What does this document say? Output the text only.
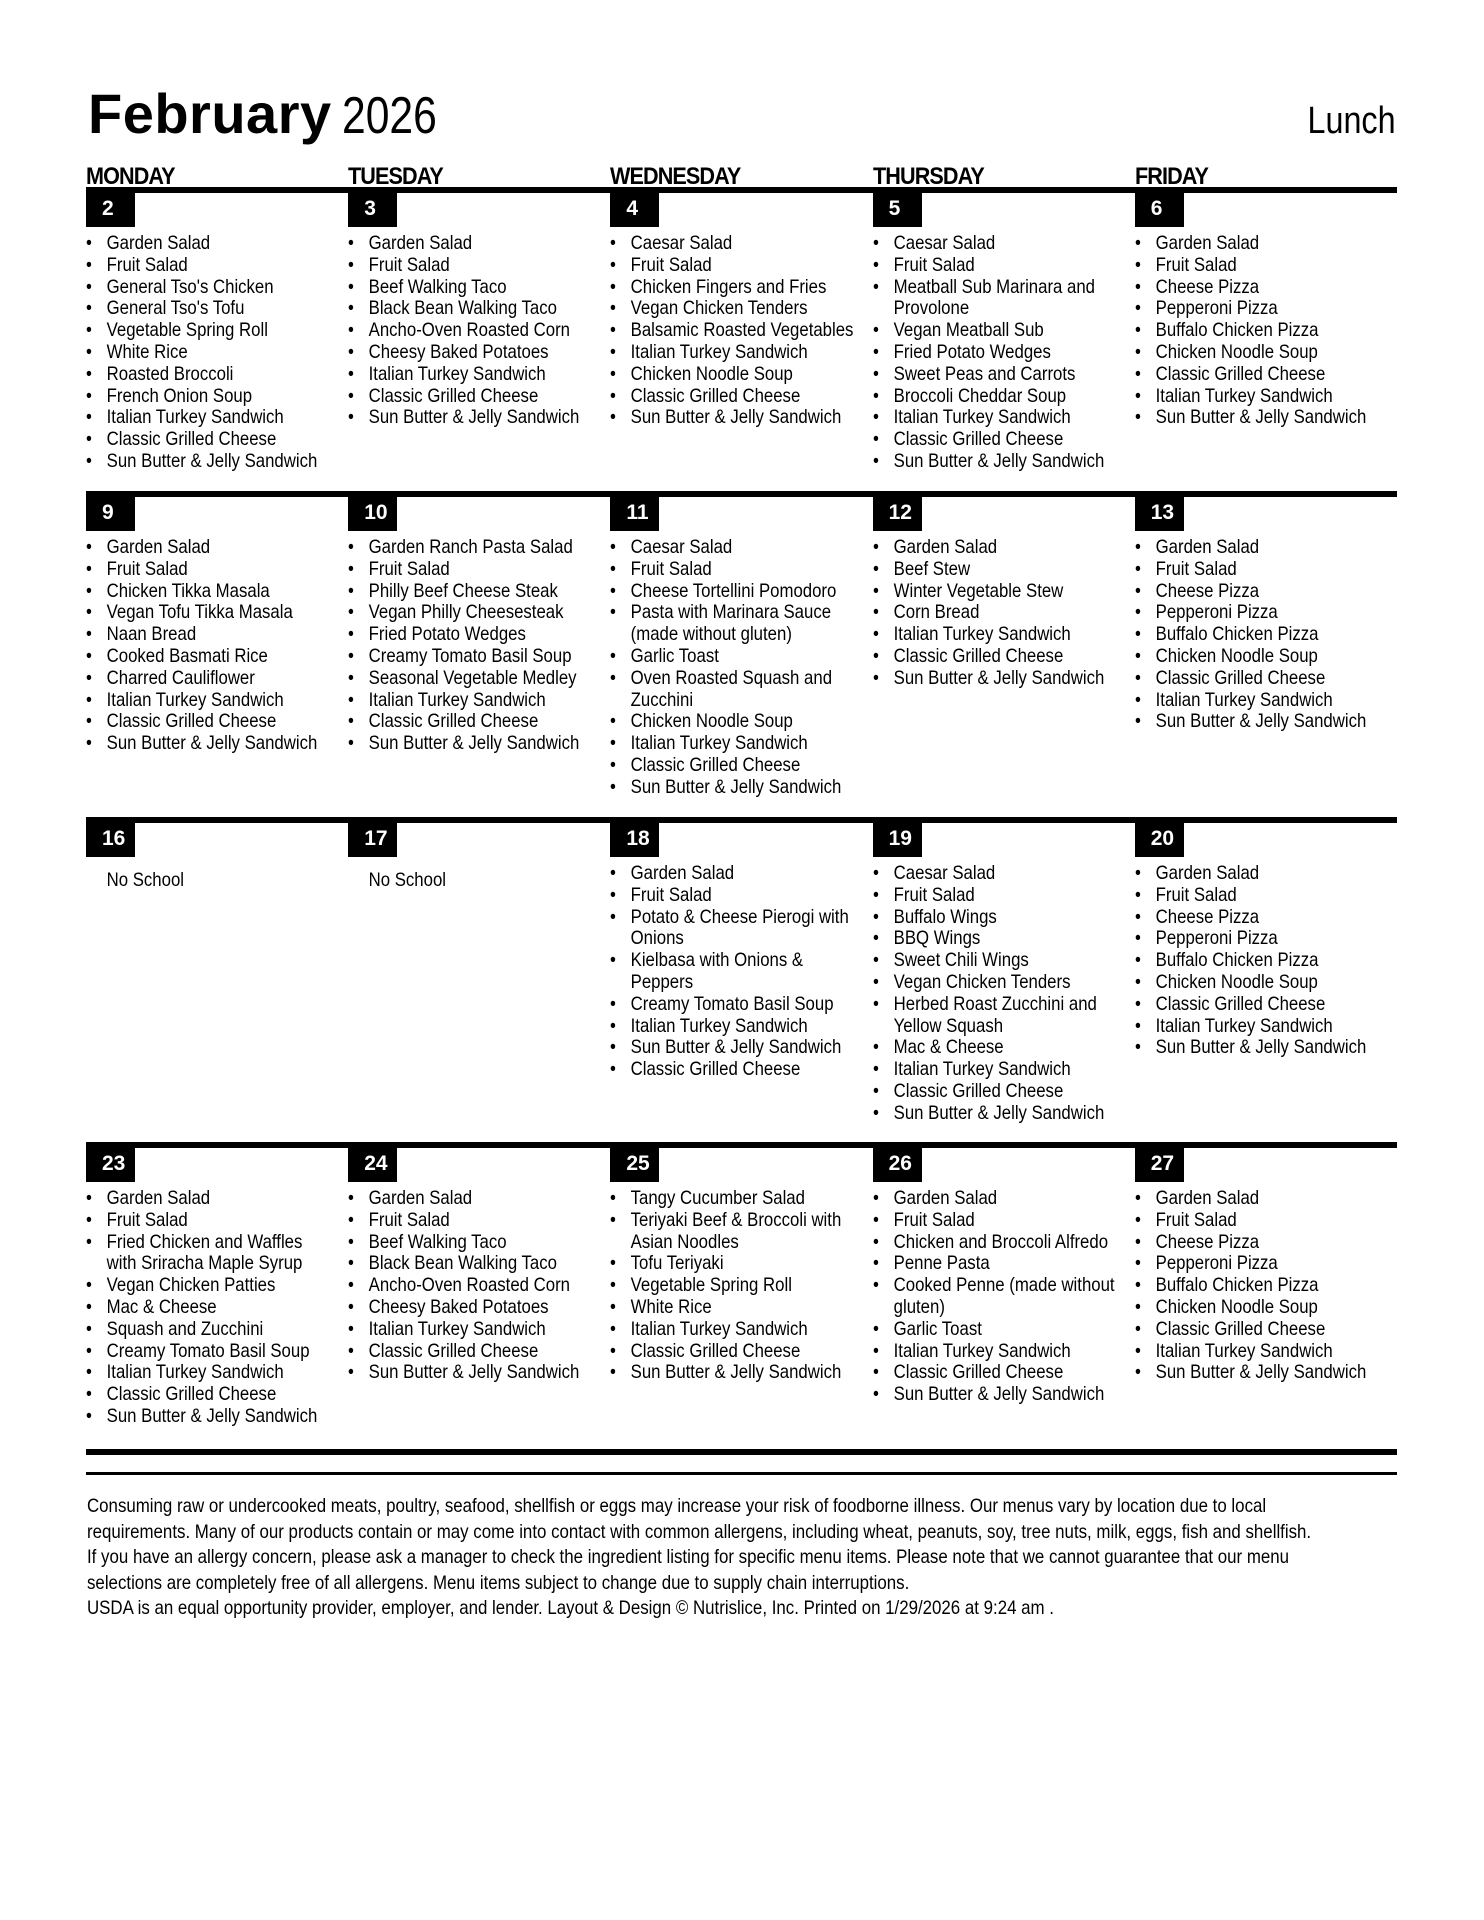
February 2026	Lunch
MONDAY	TUESDAY	WEDNESDAY	THURSDAY	FRIDAY
2
• Garden Salad
• Fruit Salad
• General Tso's Chicken
• General Tso's Tofu
• Vegetable Spring Roll
• White Rice
• Roasted Broccoli
• French Onion Soup
• Italian Turkey Sandwich
• Classic Grilled Cheese
• Sun Butter & Jelly Sandwich
3
• Garden Salad
• Fruit Salad
• Beef Walking Taco
• Black Bean Walking Taco
• Ancho-Oven Roasted Corn
• Cheesy Baked Potatoes
• Italian Turkey Sandwich
• Classic Grilled Cheese
• Sun Butter & Jelly Sandwich
4
• Caesar Salad
• Fruit Salad
• Chicken Fingers and Fries
• Vegan Chicken Tenders
• Balsamic Roasted Vegetables
• Italian Turkey Sandwich
• Chicken Noodle Soup
• Classic Grilled Cheese
• Sun Butter & Jelly Sandwich
5
• Caesar Salad
• Fruit Salad
• Meatball Sub Marinara and
Provolone
• Vegan Meatball Sub
• Fried Potato Wedges
• Sweet Peas and Carrots
• Broccoli Cheddar Soup
• Italian Turkey Sandwich
• Classic Grilled Cheese
• Sun Butter & Jelly Sandwich
6
• Garden Salad
• Fruit Salad
• Cheese Pizza
• Pepperoni Pizza
• Buffalo Chicken Pizza
• Chicken Noodle Soup
• Classic Grilled Cheese
• Italian Turkey Sandwich
• Sun Butter & Jelly Sandwich
9
• Garden Salad
• Fruit Salad
• Chicken Tikka Masala
• Vegan Tofu Tikka Masala
• Naan Bread
• Cooked Basmati Rice
• Charred Cauliflower
• Italian Turkey Sandwich
• Classic Grilled Cheese
• Sun Butter & Jelly Sandwich
10
• Garden Ranch Pasta Salad
• Fruit Salad
• Philly Beef Cheese Steak
• Vegan Philly Cheesesteak
• Fried Potato Wedges
• Creamy Tomato Basil Soup
• Seasonal Vegetable Medley
• Italian Turkey Sandwich
• Classic Grilled Cheese
• Sun Butter & Jelly Sandwich
11
• Caesar Salad
• Fruit Salad
• Cheese Tortellini Pomodoro
• Pasta with Marinara Sauce
(made without gluten)
• Garlic Toast
• Oven Roasted Squash and
Zucchini
• Chicken Noodle Soup
• Italian Turkey Sandwich
• Classic Grilled Cheese
• Sun Butter & Jelly Sandwich
12
• Garden Salad
• Beef Stew
• Winter Vegetable Stew
• Corn Bread
• Italian Turkey Sandwich
• Classic Grilled Cheese
• Sun Butter & Jelly Sandwich
13
• Garden Salad
• Fruit Salad
• Cheese Pizza
• Pepperoni Pizza
• Buffalo Chicken Pizza
• Chicken Noodle Soup
• Classic Grilled Cheese
• Italian Turkey Sandwich
• Sun Butter & Jelly Sandwich
16
No School
17
No School
18
• Garden Salad
• Fruit Salad
• Potato & Cheese Pierogi with
Onions
• Kielbasa with Onions &
Peppers
• Creamy Tomato Basil Soup
• Italian Turkey Sandwich
• Sun Butter & Jelly Sandwich
• Classic Grilled Cheese
19
• Caesar Salad
• Fruit Salad
• Buffalo Wings
• BBQ Wings
• Sweet Chili Wings
• Vegan Chicken Tenders
• Herbed Roast Zucchini and
Yellow Squash
• Mac & Cheese
• Italian Turkey Sandwich
• Classic Grilled Cheese
• Sun Butter & Jelly Sandwich
20
• Garden Salad
• Fruit Salad
• Cheese Pizza
• Pepperoni Pizza
• Buffalo Chicken Pizza
• Chicken Noodle Soup
• Classic Grilled Cheese
• Italian Turkey Sandwich
• Sun Butter & Jelly Sandwich
23
• Garden Salad
• Fruit Salad
• Fried Chicken and Waffles
with Sriracha Maple Syrup
• Vegan Chicken Patties
• Mac & Cheese
• Squash and Zucchini
• Creamy Tomato Basil Soup
• Italian Turkey Sandwich
• Classic Grilled Cheese
• Sun Butter & Jelly Sandwich
24
• Garden Salad
• Fruit Salad
• Beef Walking Taco
• Black Bean Walking Taco
• Ancho-Oven Roasted Corn
• Cheesy Baked Potatoes
• Italian Turkey Sandwich
• Classic Grilled Cheese
• Sun Butter & Jelly Sandwich
25
• Tangy Cucumber Salad
• Teriyaki Beef & Broccoli with
Asian Noodles
• Tofu Teriyaki
• Vegetable Spring Roll
• White Rice
• Italian Turkey Sandwich
• Classic Grilled Cheese
• Sun Butter & Jelly Sandwich
26
• Garden Salad
• Fruit Salad
• Chicken and Broccoli Alfredo
• Penne Pasta
• Cooked Penne (made without
gluten)
• Garlic Toast
• Italian Turkey Sandwich
• Classic Grilled Cheese
• Sun Butter & Jelly Sandwich
27
• Garden Salad
• Fruit Salad
• Cheese Pizza
• Pepperoni Pizza
• Buffalo Chicken Pizza
• Chicken Noodle Soup
• Classic Grilled Cheese
• Italian Turkey Sandwich
• Sun Butter & Jelly Sandwich

Consuming raw or undercooked meats, poultry, seafood, shellfish or eggs may increase your risk of foodborne illness. Our menus vary by location due to local

requirements. Many of our products contain or may come into contact with common allergens, including wheat, peanuts, soy, tree nuts, milk, eggs, fish and shellfish.

If you have an allergy concern, please ask a manager to check the ingredient listing for specific menu items. Please note that we cannot guarantee that our menu

selections are completely free of all allergens. Menu items subject to change due to supply chain interruptions.

USDA is an equal opportunity provider, employer, and lender. Layout & Design © Nutrislice, Inc. Printed on 1/29/2026 at 9:24 am .
